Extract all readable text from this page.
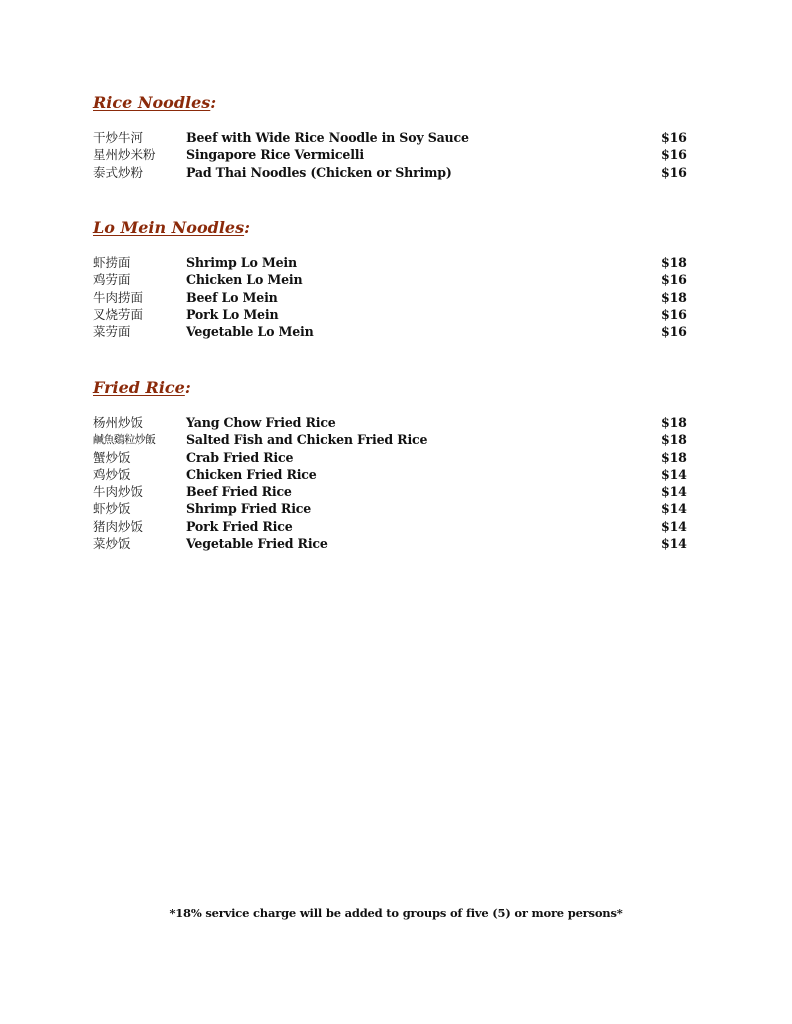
Rice Noodles:
干炒牛河	Beef with Wide Rice Noodle in Soy Sauce	$16
星州炒米粉	Singapore Rice Vermicelli	$16
泰式炒粉	Pad Thai Noodles (Chicken or Shrimp)	$16
Lo Mein Noodles:
虾捞面	Shrimp Lo Mein	$18
鸡劳面	Chicken Lo Mein	$16
牛肉捞面	Beef Lo Mein	$18
叉烧劳面	Pork Lo Mein	$16
菜劳面	Vegetable Lo Mein	$16
Fried Rice:
杨州炒饭	Yang Chow Fried Rice	$18
鹹魚鷄粒炒飯	Salted Fish and Chicken Fried Rice	$18
蟹炒饭	Crab Fried Rice	$18
鸡炒饭	Chicken Fried Rice	$14
牛肉炒饭	Beef Fried Rice	$14
虾炒饭	Shrimp Fried Rice	$14
猪肉炒饭	Pork Fried Rice	$14
菜炒饭	Vegetable Fried Rice	$14
*18% service charge will be added to groups of five (5) or more persons*
